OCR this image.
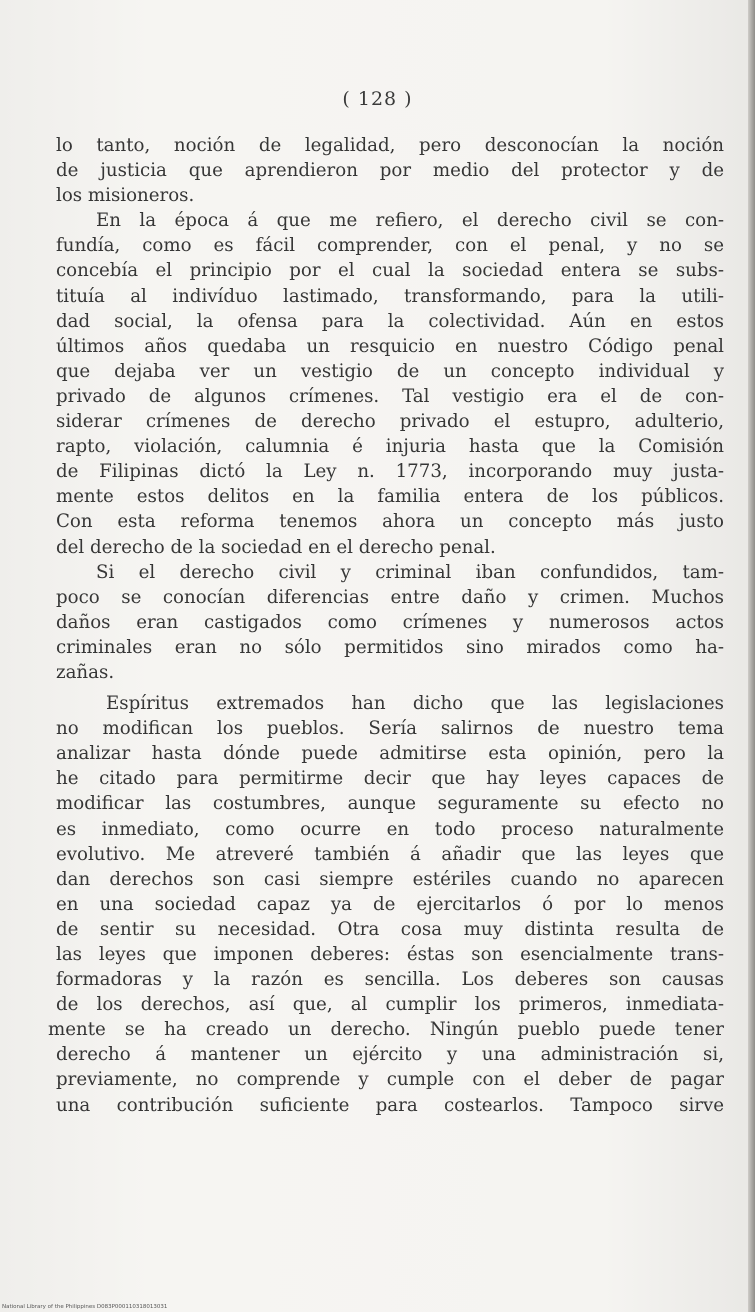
( 128 )
lo tanto, noción de legalidad, pero desconocían la noción
de justicia que aprendieron por medio del protector y de
los misioneros.
En la época á que me refiero, el derecho civil se con-
fundía, como es fácil comprender, con el penal, y no se
concebía el principio por el cual la sociedad entera se subs-
tituía al indivíduo lastimado, transformando, para la utili-
dad social, la ofensa para la colectividad. Aún en estos
últimos años quedaba un resquicio en nuestro Código penal
que dejaba ver un vestigio de un concepto individual y
privado de algunos crímenes. Tal vestigio era el de con-
siderar crímenes de derecho privado el estupro, adulterio,
rapto, violación, calumnia é injuria hasta que la Comisión
de Filipinas dictó la Ley n. 1773, incorporando muy justa-
mente estos delitos en la familia entera de los públicos.
Con esta reforma tenemos ahora un concepto más justo
del derecho de la sociedad en el derecho penal.
Si el derecho civil y criminal iban confundidos, tam-
poco se conocían diferencias entre daño y crimen. Muchos
daños eran castigados como crímenes y numerosos actos
criminales eran no sólo permitidos sino mirados como ha-
zañas.
Espíritus extremados han dicho que las legislaciones
no modifican los pueblos. Sería salirnos de nuestro tema
analizar hasta dónde puede admitirse esta opinión, pero la
he citado para permitirme decir que hay leyes capaces de
modificar las costumbres, aunque seguramente su efecto no
es inmediato, como ocurre en todo proceso naturalmente
evolutivo. Me atreveré también á añadir que las leyes que
dan derechos son casi siempre estériles cuando no aparecen
en una sociedad capaz ya de ejercitarlos ó por lo menos
de sentir su necesidad. Otra cosa muy distinta resulta de
las leyes que imponen deberes: éstas son esencialmente trans-
formadoras y la razón es sencilla. Los deberes son causas
de los derechos, así que, al cumplir los primeros, inmediata-
mente se ha creado un derecho. Ningún pueblo puede tener
derecho á mantener un ejército y una administración si,
previamente, no comprende y cumple con el deber de pagar
una contribución suficiente para costearlos. Tampoco sirve
National Library of the Philippines D083P000110318013031
